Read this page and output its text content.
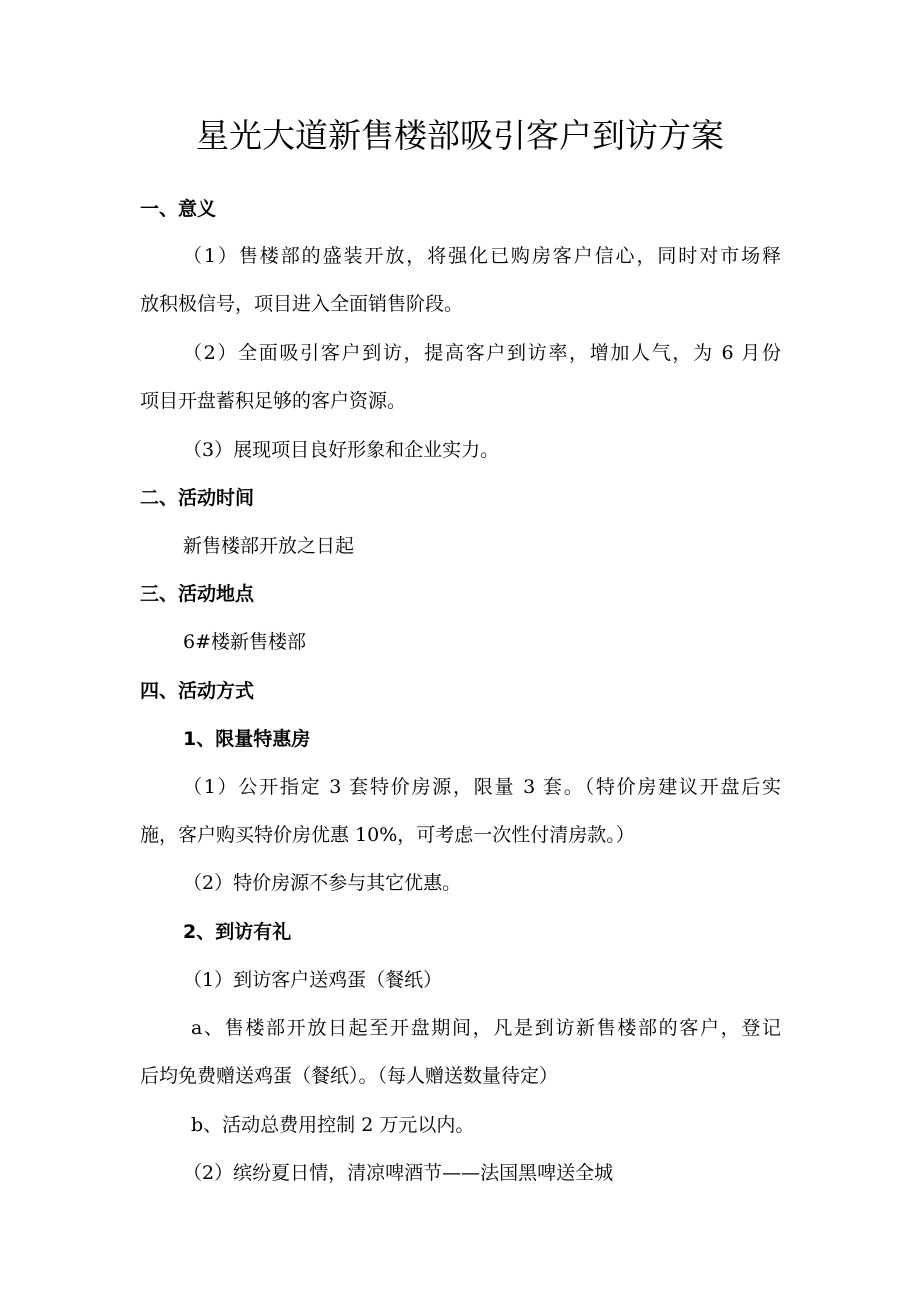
星光大道新售楼部吸引客户到访方案
一、意义
（1）售楼部的盛装开放，将强化已购房客户信心，同时对市场释
放积极信号，项目进入全面销售阶段。
（2）全面吸引客户到访，提高客户到访率，增加人气，为 6 月份
项目开盘蓄积足够的客户资源。
（3）展现项目良好形象和企业实力。
二、活动时间
新售楼部开放之日起
三、活动地点
6#楼新售楼部
四、活动方式
1、限量特惠房
（1）公开指定 3 套特价房源，限量 3 套。（特价房建议开盘后实
施，客户购买特价房优惠 10%，可考虑一次性付清房款。）
（2）特价房源不参与其它优惠。
2、到访有礼
（1）到访客户送鸡蛋（餐纸）
a、售楼部开放日起至开盘期间，凡是到访新售楼部的客户，登记
后均免费赠送鸡蛋（餐纸）。（每人赠送数量待定）
b、活动总费用控制 2 万元以内。
（2）缤纷夏日情，清凉啤酒节——法国黑啤送全城
